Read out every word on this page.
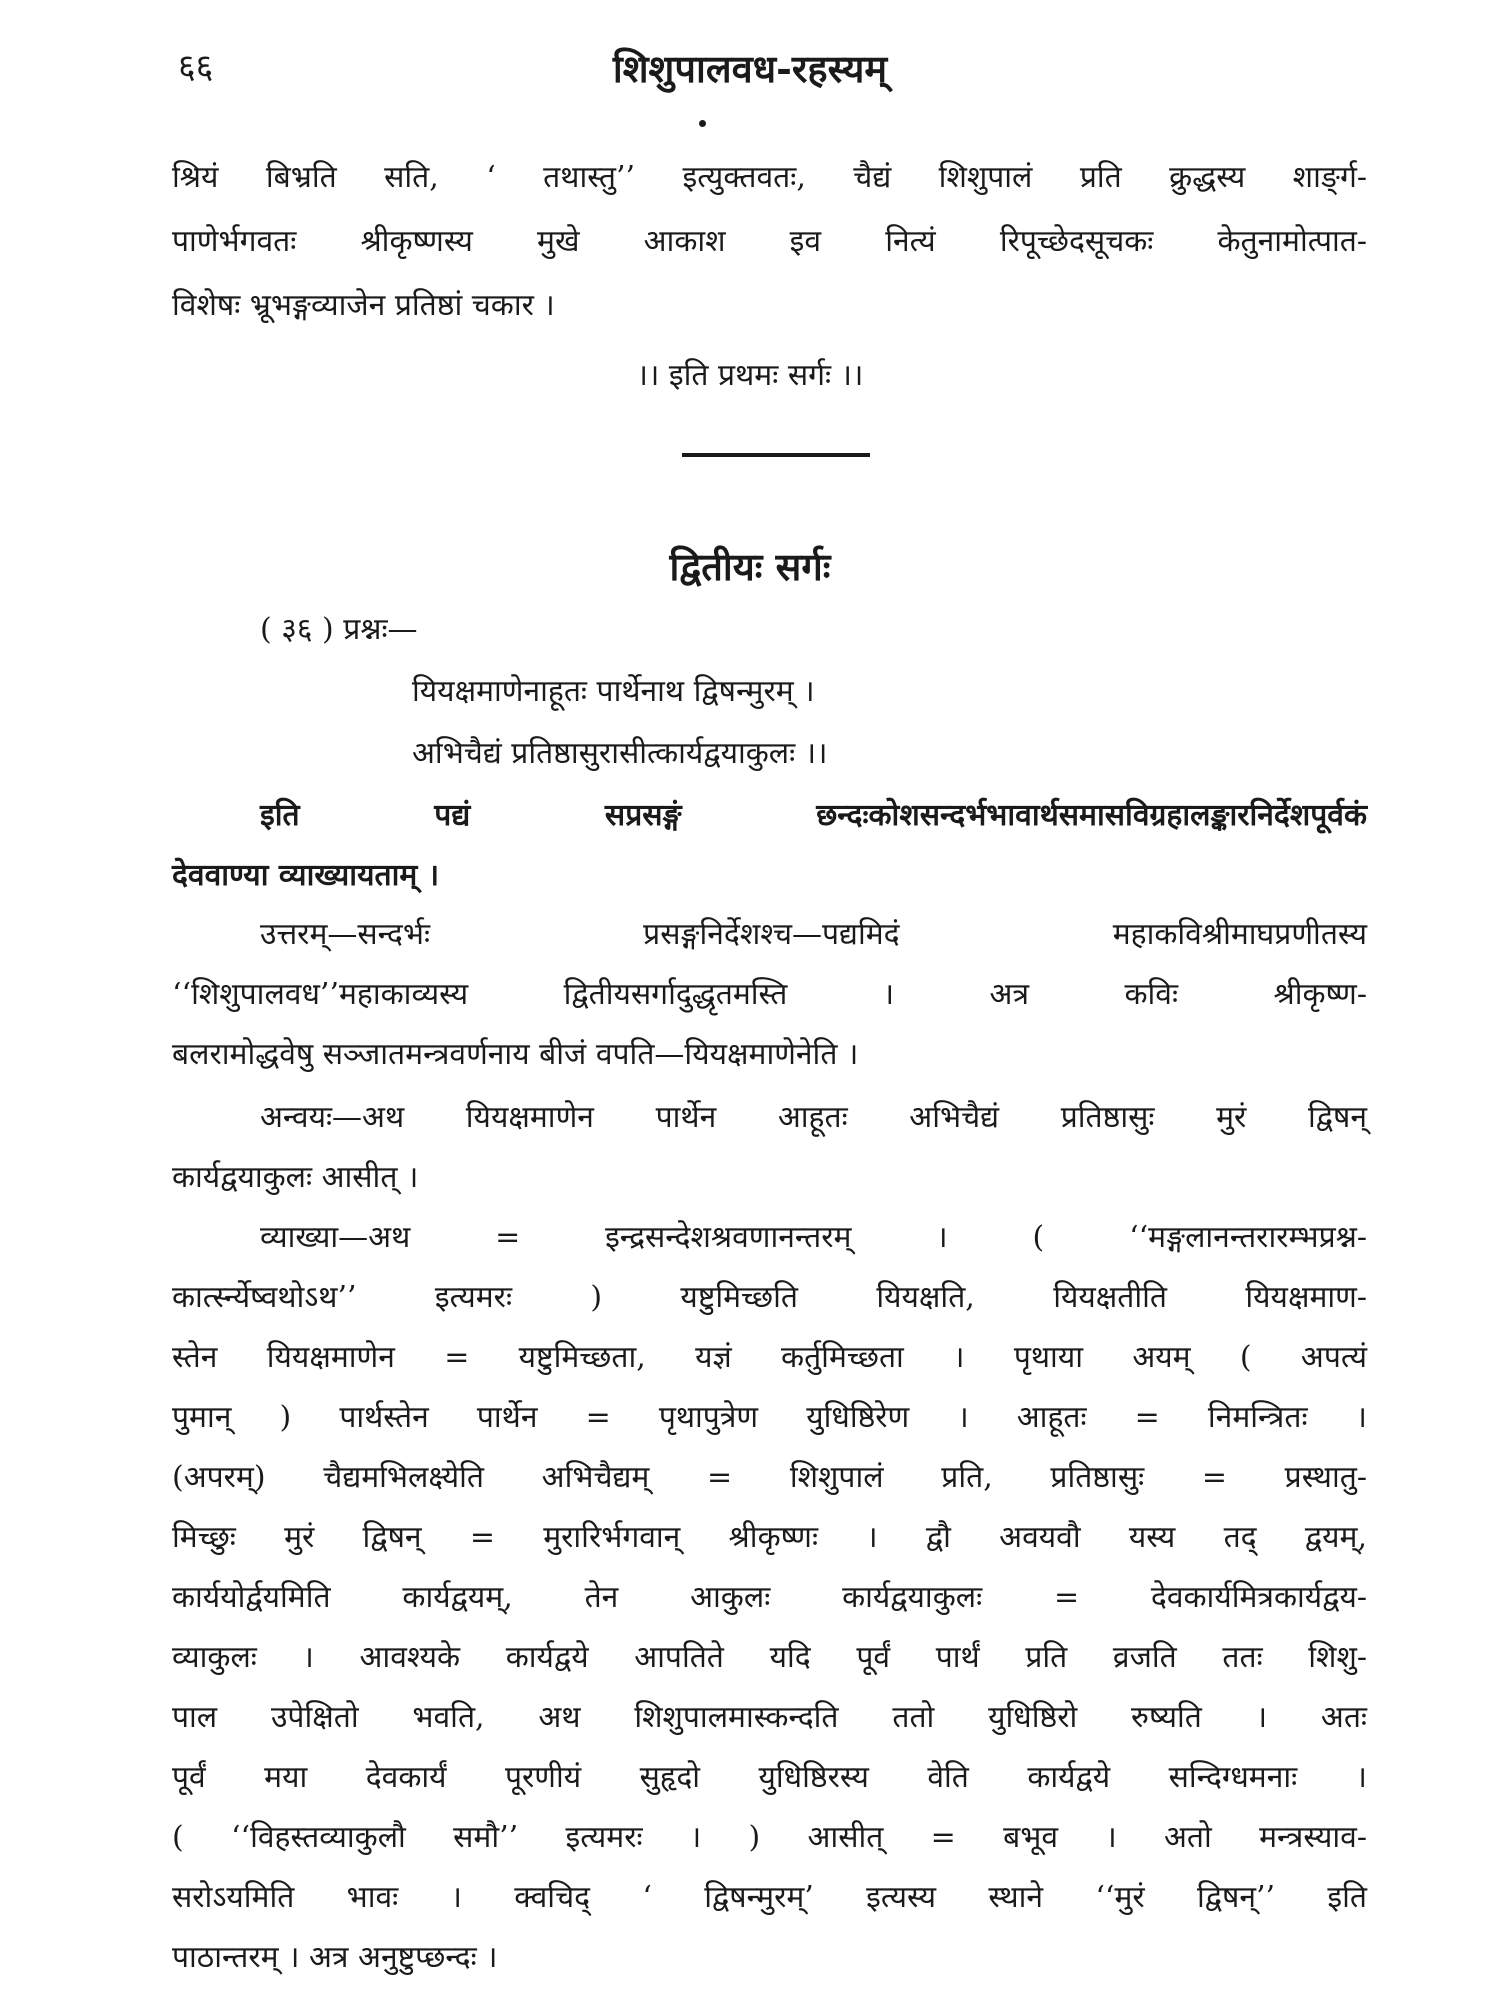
६६	शिशुपालवध-रहस्यम्
श्रियं बिभ्रति सति, ‘ तथास्तु’’ इत्युक्तवतः, चैद्यं शिशुपालं प्रति क्रुद्धस्य शाङ्‌र्ग-
पाणेर्भगवतः श्रीकृष्णस्य मुखे आकाश इव नित्यं रिपूच्छेदसूचकः केतुनामोत्पात-
विशेषः भ्रूभङ्गव्याजेन प्रतिष्ठां चकार ।
।। इति प्रथमः सर्गः ।।
द्वितीयः सर्गः
( ३६ ) प्रश्नः—
यियक्षमाणेनाहूतः पार्थेनाथ द्विषन्मुरम् ।
अभिचैद्यं प्रतिष्ठासुरासीत्कार्यद्वयाकुलः ।।
इति पद्यं सप्रसङ्गं छन्दःकोशसन्दर्भभावार्थसमासविग्रहालङ्कारनिर्देशपूर्वकं
देववाण्या व्याख्यायताम् ।
उत्तरम्—सन्दर्भः प्रसङ्गनिर्देशश्च—पद्यमिदं महाकविश्रीमाघप्रणीतस्य
‘‘शिशुपालवध’’महाकाव्यस्य द्वितीयसर्गादुद्धृतमस्ति । अत्र कविः श्रीकृष्ण-
बलरामोद्धवेषु सञ्जातमन्त्रवर्णनाय बीजं वपति—यियक्षमाणेनेति ।
अन्वयः—अथ यियक्षमाणेन पार्थेन आहूतः अभिचैद्यं प्रतिष्ठासुः मुरं द्विषन्
कार्यद्वयाकुलः आसीत् ।
व्याख्या—अथ = इन्द्रसन्देशश्रवणानन्तरम् । ( ‘‘मङ्गलानन्तरारम्भप्रश्न-
कार्त्स्न्येष्वथोऽथ’’ इत्यमरः ) यष्टुमिच्छति यियक्षति, यियक्षतीति यियक्षमाण-
स्तेन यियक्षमाणेन = यष्टुमिच्छता, यज्ञं कर्तुमिच्छता । पृथाया अयम् ( अपत्यं
पुमान् ) पार्थस्तेन पार्थेन = पृथापुत्रेण युधिष्ठिरेण । आहूतः = निमन्त्रितः ।
(अपरम्) चैद्यमभिलक्ष्येति अभिचैद्यम् = शिशुपालं प्रति, प्रतिष्ठासुः = प्रस्थातु-
मिच्छुः मुरं द्विषन् = मुरारिर्भगवान् श्रीकृष्णः । द्वौ अवयवौ यस्य तद् द्वयम्,
कार्ययोर्द्वयमिति कार्यद्वयम्, तेन आकुलः कार्यद्वयाकुलः = देवकार्यमित्रकार्यद्वय-
व्याकुलः । आवश्यके कार्यद्वये आपतिते यदि पूर्वं पार्थं प्रति व्रजति ततः शिशु-
पाल उपेक्षितो भवति, अथ शिशुपालमास्कन्दति ततो युधिष्ठिरो रुष्यति । अतः
पूर्वं मया देवकार्यं पूरणीयं सुहृदो युधिष्ठिरस्य वेति कार्यद्वये सन्दिग्धमनाः ।
( ‘‘विहस्तव्याकुलौ समौ’’ इत्यमरः । ) आसीत् = बभूव । अतो मन्त्रस्याव-
सरोऽयमिति भावः । क्वचिद् ‘ द्विषन्मुरम्’ इत्यस्य स्थाने ‘‘मुरं द्विषन्’’ इति
पाठान्तरम् । अत्र अनुष्टुप्छन्दः ।
